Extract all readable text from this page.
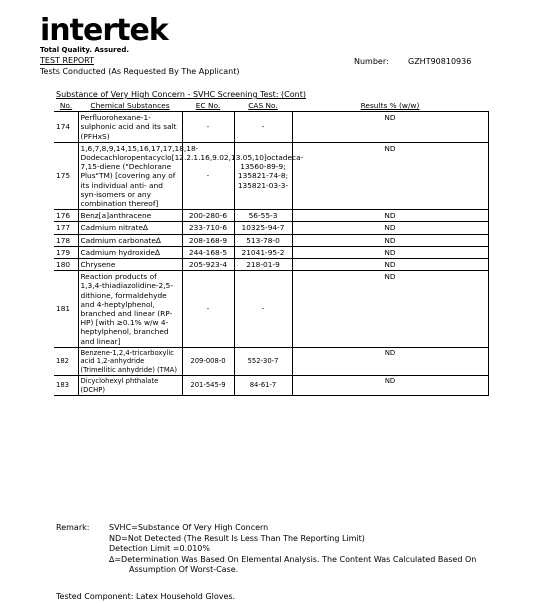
intertek
Total Quality. Assured.
TEST REPORT
Tests Conducted (As Requested By The Applicant)
Number: GZHT90810936
Substance of Very High Concern - SVHC Screening Test: (Cont)
No.	Chemical Substances	EC No.	CAS No.	Results % (w/w)
174	Perfluorohexane-1-sulphonic acid and its salt (PFHxS)	-	-	ND
175	1,6,7,8,9,14,15,16,17,17,18,18-Dodecachloropentacyclo[12.2.1.16,9.02,13.05,10]octadeca-7,15-diene ("Dechlorane Plus"TM) [covering any of its individual anti- and syn-isomers or any combination thereof]	-	13560-89-9; 135821-74-8; 135821-03-3-	ND
176	Benz[a]anthracene	200-280-6	56-55-3	ND
177	Cadmium nitrate∆	233-710-6	10325-94-7	ND
178	Cadmium carbonate∆	208-168-9	513-78-0	ND
179	Cadmium hydroxide∆	244-168-5	21041-95-2	ND
180	Chrysene	205-923-4	218-01-9	ND
181	Reaction products of 1,3,4-thiadiazolidine-2,5-dithione, formaldehyde and 4-heptylphenol, branched and linear (RP-HP) [with ≥0.1% w/w 4-heptylphenol, branched and linear]	-	-	ND
182	Benzene-1,2,4-tricarboxylic acid 1,2-anhydride (Trimellitic anhydride) (TMA)	209-008-0	552-30-7	ND
183	Dicyclohexyl phthalate (DCHP)	201-545-9	84-61-7	ND
Remark:	SVHC=Substance Of Very High Concern
ND=Not Detected (The Result Is Less Than The Reporting Limit)
Detection Limit =0.010%
∆=Determination Was Based On Elemental Analysis. The Content Was Calculated Based On
Assumption Of Worst-Case.
Tested Component: Latex Household Gloves.
